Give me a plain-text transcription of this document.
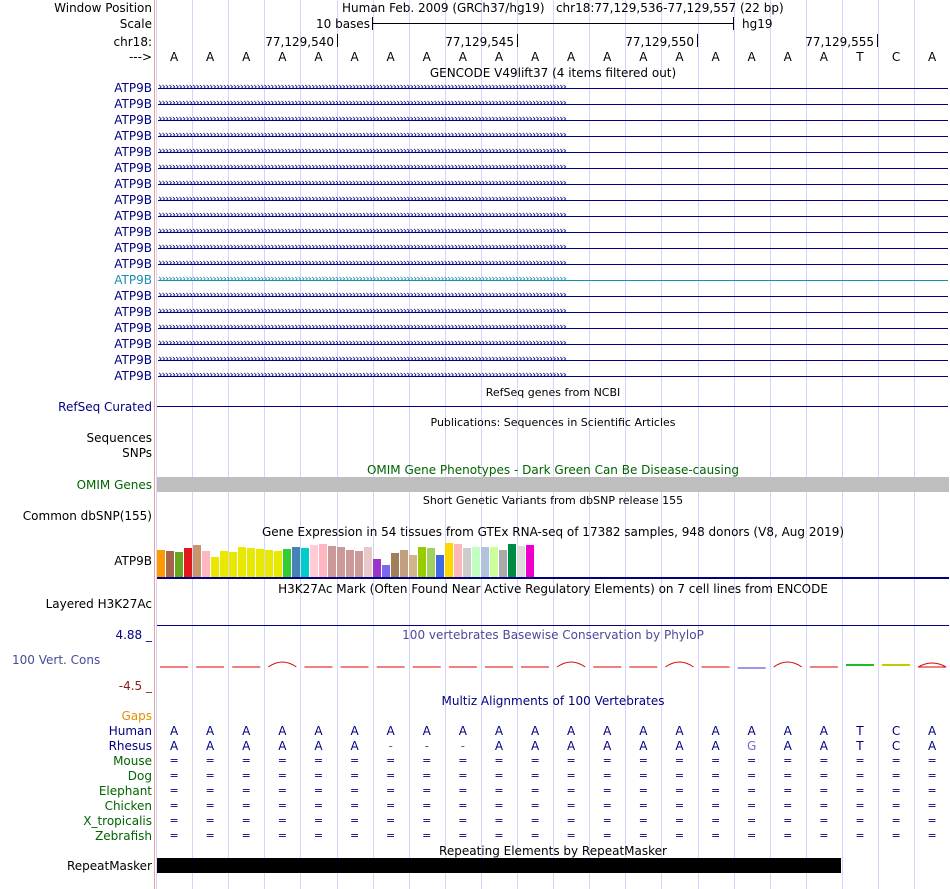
Window Position	Human Feb. 2009 (GRCh37/hg19)   chr18:77,129,536-77,129,557 (22 bp)
Scale	10 bases	hg19
chr18:	77,129,540	77,129,545	77,129,550	77,129,555
--->	A	A	A	A	A	A	A	A	A	A	A	A	A	A	A	A	A	A	A	T	C	A
GENCODE V49lift37 (4 items filtered out)
ATP9B ››››››››››››››››››››››››››››››››››››››››››››››››››››››››››››››››››››››››››››››››››››››››››››››››››››››››››››››››››››››››
ATP9B ››››››››››››››››››››››››››››››››››››››››››››››››››››››››››››››››››››››››››››››››››››››››››››››››››››››››››››››››››››››››
ATP9B ››››››››››››››››››››››››››››››››››››››››››››››››››››››››››››››››››››››››››››››››››››››››››››››››››››››››››››››››››››››››
ATP9B ››››››››››››››››››››››››››››››››››››››››››››››››››››››››››››››››››››››››››››››››››››››››››››››››››››››››››››››››››››››››
ATP9B ››››››››››››››››››››››››››››››››››››››››››››››››››››››››››››››››››››››››››››››››››››››››››››››››››››››››››››››››››››››››
ATP9B ››››››››››››››››››››››››››››››››››››››››››››››››››››››››››››››››››››››››››››››››››››››››››››››››››››››››››››››››››››››››
ATP9B ››››››››››››››››››››››››››››››››››››››››››››››››››››››››››››››››››››››››››››››››››››››››››››››››››››››››››››››››››››››››
ATP9B ››››››››››››››››››››››››››››››››››››››››››››››››››››››››››››››››››››››››››››››››››››››››››››››››››››››››››››››››››››››››
ATP9B ››››››››››››››››››››››››››››››››››››››››››››››››››››››››››››››››››››››››››››››››››››››››››››››››››››››››››››››››››››››››
ATP9B ››››››››››››››››››››››››››››››››››››››››››››››››››››››››››››››››››››››››››››››››››››››››››››››››››››››››››››››››››››››››
ATP9B ››››››››››››››››››››››››››››››››››››››››››››››››››››››››››››››››››››››››››››››››››››››››››››››››››››››››››››››››››››››››
ATP9B ››››››››››››››››››››››››››››››››››››››››››››››››››››››››››››››››››››››››››››››››››››››››››››››››››››››››››››››››››››››››
ATP9B ››››››››››››››››››››››››››››››››››››››››››››››››››››››››››››››››››››››››››››››››››››››››››››››››››››››››››››››››››››››››
ATP9B ››››››››››››››››››››››››››››››››››››››››››››››››››››››››››››››››››››››››››››››››››››››››››››››››››››››››››››››››››››››››
ATP9B ››››››››››››››››››››››››››››››››››››››››››››››››››››››››››››››››››››››››››››››››››››››››››››››››››››››››››››››››››››››››
ATP9B ››››››››››››››››››››››››››››››››››››››››››››››››››››››››››››››››››››››››››››››››››››››››››››››››››››››››››››››››››››››››
ATP9B ››››››››››››››››››››››››››››››››››››››››››››››››››››››››››››››››››››››››››››››››››››››››››››››››››››››››››››››››››››››››
ATP9B ››››››››››››››››››››››››››››››››››››››››››››››››››››››››››››››››››››››››››››››››››››››››››››››››››››››››››››››››››››››››
ATP9B ››››››››››››››››››››››››››››››››››››››››››››››››››››››››››››››››››››››››››››››››››››››››››››››››››››››››››››››››››››››››
RefSeq genes from NCBI
RefSeq Curated
Publications: Sequences in Scientific Articles
Sequences
SNPs
OMIM Gene Phenotypes - Dark Green Can Be Disease-causing
OMIM Genes
Short Genetic Variants from dbSNP release 155
Common dbSNP(155)
Gene Expression in 54 tissues from GTEx RNA-seq of 17382 samples, 948 donors (V8, Aug 2019)
ATP9B
H3K27Ac Mark (Often Found Near Active Regulatory Elements) on 7 cell lines from ENCODE
Layered H3K27Ac
4.88 _	100 vertebrates Basewise Conservation by PhyloP
100 Vert. Cons
-4.5 _
Multiz Alignments of 100 Vertebrates
Gaps
Human	A	A	A	A	A	A	A	A	A	A	A	A	A	A	A	A	A	A	A	T	C	A
Rhesus	A	A	A	A	A	A	-	-	-	A	A	A	A	A	A	A	G	A	A	T	C	A
Mouse	=	=	=	=	=	=	=	=	=	=	=	=	=	=	=	=	=	=	=	=	=	=
Dog	=	=	=	=	=	=	=	=	=	=	=	=	=	=	=	=	=	=	=	=	=	=
Elephant	=	=	=	=	=	=	=	=	=	=	=	=	=	=	=	=	=	=	=	=	=	=
Chicken	=	=	=	=	=	=	=	=	=	=	=	=	=	=	=	=	=	=	=	=	=	=
X_tropicalis	=	=	=	=	=	=	=	=	=	=	=	=	=	=	=	=	=	=	=	=	=	=
Zebrafish	=	=	=	=	=	=	=	=	=	=	=	=	=	=	=	=	=	=	=	=	=	=
Repeating Elements by RepeatMasker
RepeatMasker
